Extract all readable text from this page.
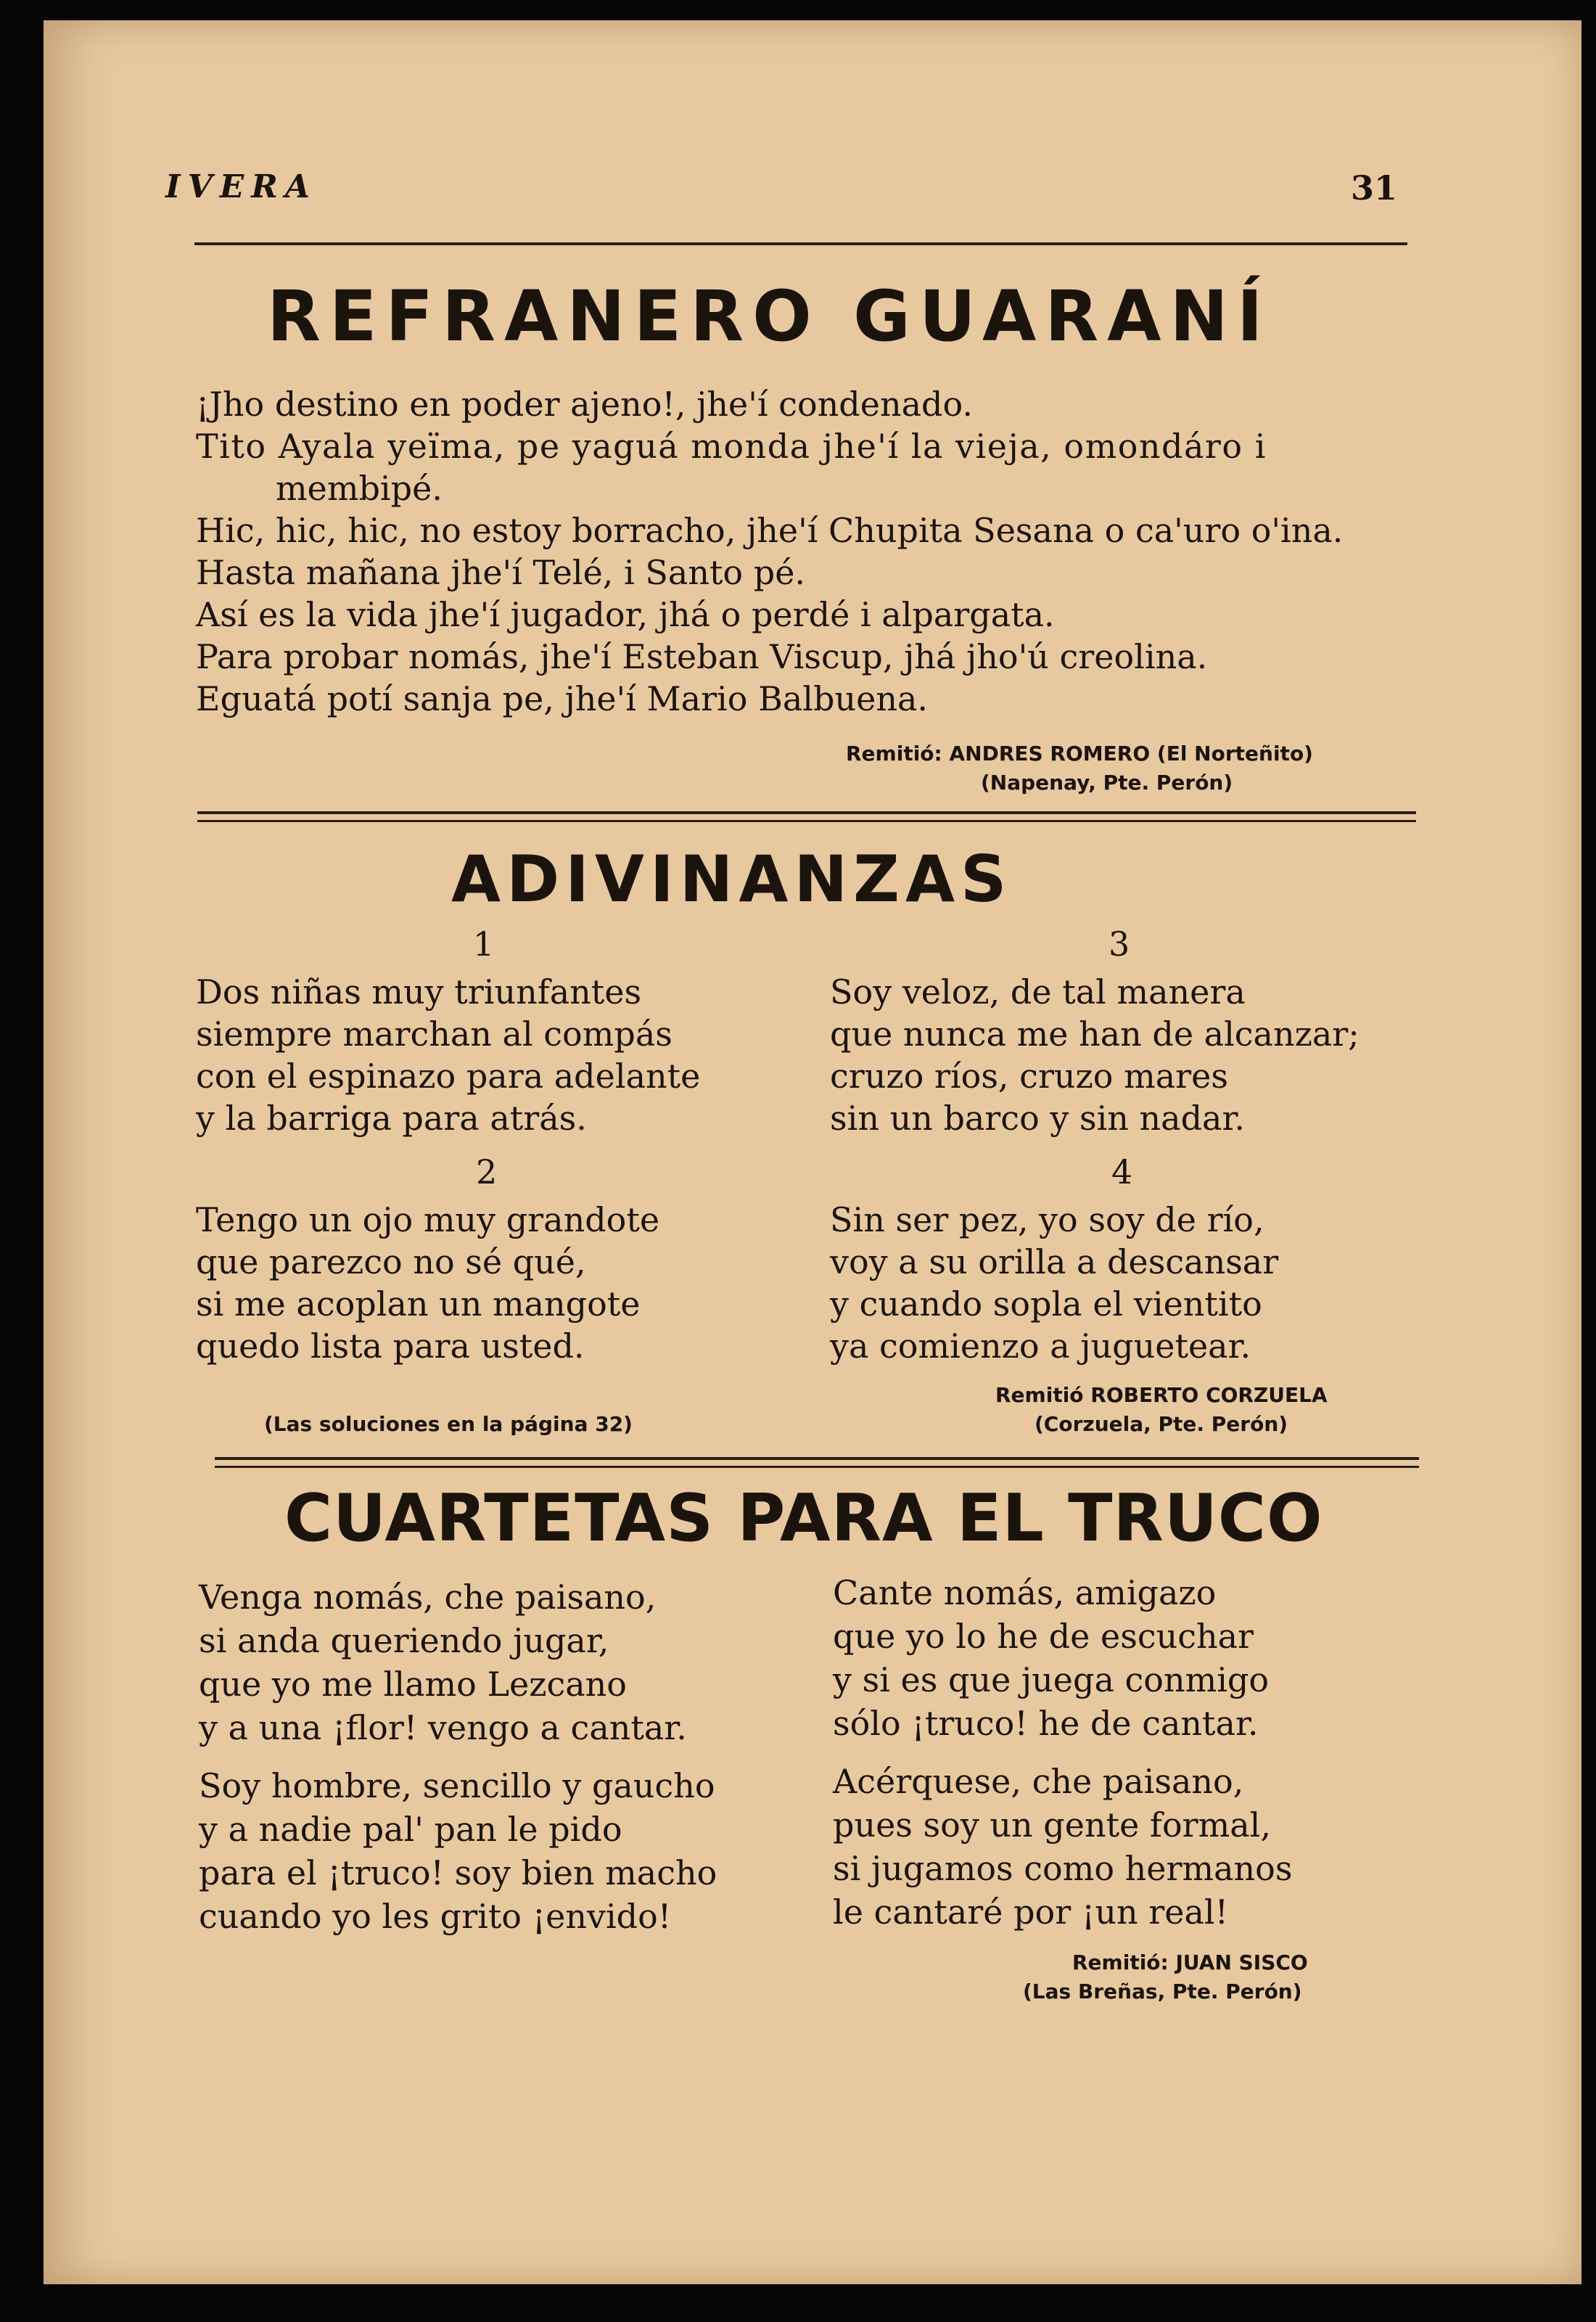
IVERA	31
REFRANERO GUARANÍ
¡Jho destino en poder ajeno!, jhe'í condenado.
Tito Ayala yeïma, pe yaguá monda jhe'í la vieja, omondáro i
membipé.
Hic, hic, hic, no estoy borracho, jhe'í Chupita Sesana o ca'uro o'ina.
Hasta mañana jhe'í Telé, i Santo pé.
Así es la vida jhe'í jugador, jhá o perdé i alpargata.
Para probar nomás, jhe'í Esteban Viscup, jhá jho'ú creolina.
Eguatá potí sanja pe, jhe'í Mario Balbuena.
Remitió: ANDRES ROMERO (El Norteñito)
(Napenay, Pte. Perón)
ADIVINANZAS
1
Dos niñas muy triunfantes
siempre marchan al compás
con el espinazo para adelante
y la barriga para atrás.
2
Tengo un ojo muy grandote
que parezco no sé qué,
si me acoplan un mangote
quedo lista para usted.
3
Soy veloz, de tal manera
que nunca me han de alcanzar;
cruzo ríos, cruzo mares
sin un barco y sin nadar.
4
Sin ser pez, yo soy de río,
voy a su orilla a descansar
y cuando sopla el vientito
ya comienzo a juguetear.
Remitió ROBERTO CORZUELA
(Las soluciones en la página 32)	(Corzuela, Pte. Perón)
CUARTETAS PARA EL TRUCO
Venga nomás, che paisano,
si anda queriendo jugar,
que yo me llamo Lezcano
y a una ¡flor! vengo a cantar.
Soy hombre, sencillo y gaucho
y a nadie pal' pan le pido
para el ¡truco! soy bien macho
cuando yo les grito ¡envido!
Cante nomás, amigazo
que yo lo he de escuchar
y si es que juega conmigo
sólo ¡truco! he de cantar.
Acérquese, che paisano,
pues soy un gente formal,
si jugamos como hermanos
le cantaré por ¡un real!
Remitió: JUAN SISCO
(Las Breñas, Pte. Perón)
